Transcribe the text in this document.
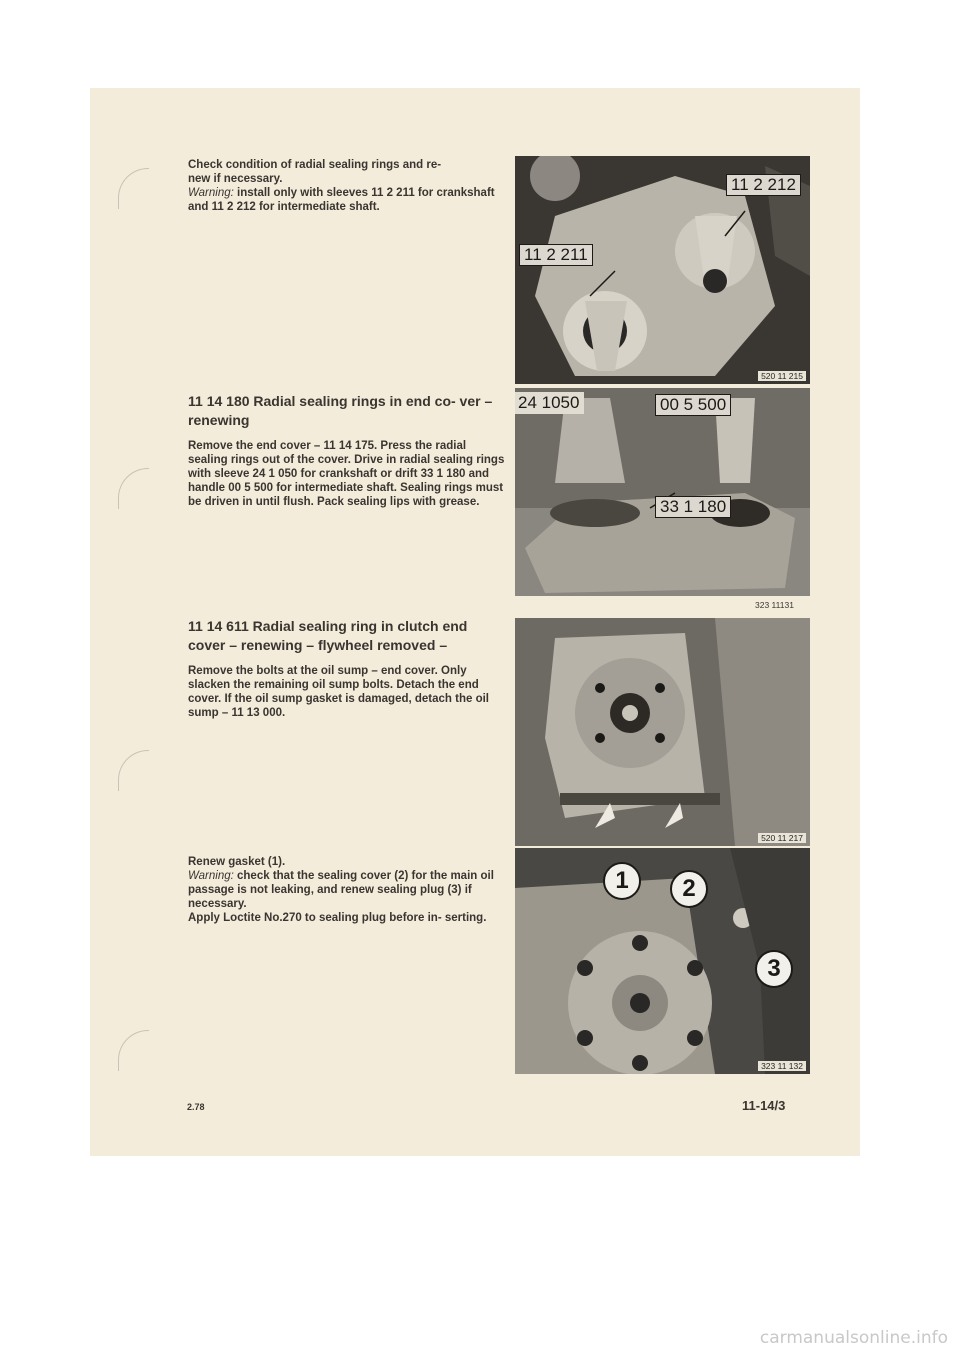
Check condition of radial sealing rings and re-

new if necessary.

Warning: install only with sleeves 11 2 211 for crankshaft and 11 2 212 for intermediate shaft.

11 14 180 Radial sealing rings in end co- ver – renewing

Remove the end cover – 11 14 175. Press the radial sealing rings out of the cover. Drive in radial sealing rings with sleeve 24 1 050 for crankshaft or drift 33 1 180 and handle 00 5 500 for intermediate shaft. Sealing rings must be driven in until flush. Pack sealing lips with grease.

11 14 611 Radial sealing ring in clutch end cover – renewing – flywheel removed –

Remove the bolts at the oil sump – end cover. Only slacken the remaining oil sump bolts. Detach the end cover. If the oil sump gasket is damaged, detach the oil sump – 11 13 000.

Renew gasket (1).

Warning: check that the sealing cover (2) for the main oil passage is not leaking, and renew sealing plug (3) if necessary.

Apply Loctite No.270 to sealing plug before in- serting.

11 2 212
11 2 211
520 11 215
24 1050	00 5 500
33 1 180
323 11131
520 11 217
1	2
3
323 11 132
2.78	11-14/3
carmanualsonline.info
